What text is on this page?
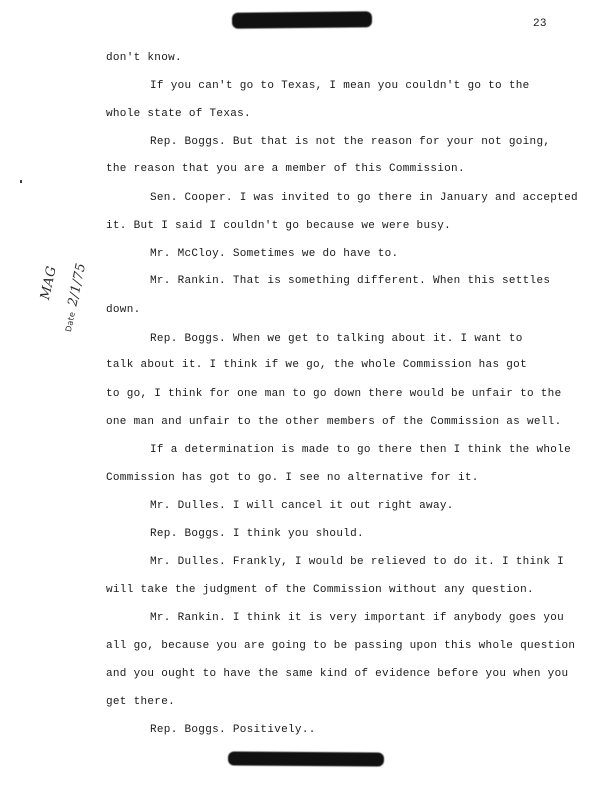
23
MAG
Date 2/1/75
don't know.
If you can't go to Texas, I mean you couldn't go to the
whole state of Texas.
Rep. Boggs. But that is not the reason for your not going,
the reason that you are a member of this Commission.
Sen. Cooper. I was invited to go there in January and accepted
it. But I said I couldn't go because we were busy.
Mr. McCloy. Sometimes we do have to.
Mr. Rankin. That is something different. When this settles
down.
Rep. Boggs. When we get to talking about it. I want to
talk about it. I think if we go, the whole Commission has got
to go, I think for one man to go down there would be unfair to the
one man and unfair to the other members of the Commission as well.
If a determination is made to go there then I think the whole
Commission has got to go. I see no alternative for it.
Mr. Dulles. I will cancel it out right away.
Rep. Boggs. I think you should.
Mr. Dulles. Frankly, I would be relieved to do it. I think I
will take the judgment of the Commission without any question.
Mr. Rankin. I think it is very important if anybody goes you
all go, because you are going to be passing upon this whole question
and you ought to have the same kind of evidence before you when you
get there.
Rep. Boggs. Positively..
